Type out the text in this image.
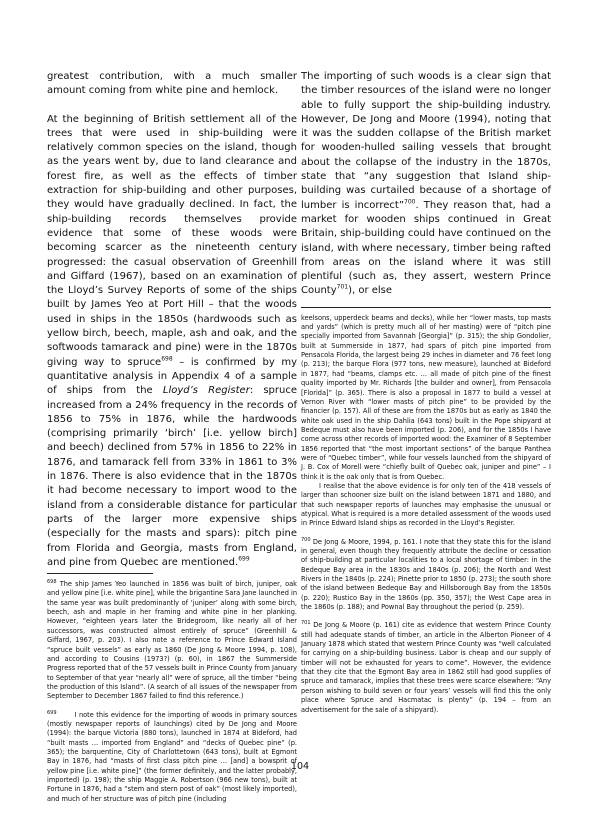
greatest contribution, with a much smaller amount coming from white pine and hemlock.

At the beginning of British settlement all of the trees that were used in ship-building were relatively common species on the island, though as the years went by, due to land clearance and forest fire, as well as the effects of timber extraction for ship-building and other purposes, they would have gradually declined. In fact, the ship-building records themselves provide evidence that some of these woods were becoming scarcer as the nineteenth century progressed: the casual observation of Greenhill and Giffard (1967), based on an examination of the Lloyd’s Survey Reports of some of the ships built by James Yeo at Port Hill – that the woods used in ships in the 1850s (hardwoods such as yellow birch, beech, maple, ash and oak, and the softwoods tamarack and pine) were in the 1870s giving way to spruce$^{698}$ – is confirmed by my quantitative analysis in Appendix 4 of a sample of ships from the Lloyd’s Register: spruce increased from a 24% frequency in the records of 1856 to 75% in 1876, while the hardwoods (comprising primarily ‘birch’ [i.e. yellow birch] and beech) declined from 57% in 1856 to 22% in 1876, and tamarack fell from 33% in 1861 to 3% in 1876. There is also evidence that in the 1870s it had become necessary to import wood to the island from a considerable distance for particular parts of the larger more expensive ships (especially for the masts and spars): pitch pine from Florida and Georgia, masts from England, and pine from Quebec are mentioned.$^{699}$

$^{698}$ The ship James Yeo launched in 1856 was built of birch, juniper, oak and yellow pine [i.e. white pine], while the brigantine Sara Jane launched in the same year was built predominantly of ‘juniper’ along with some birch, beech, ash and maple in her framing and white pine in her planking. However, “eighteen years later the Bridegroom, like nearly all of her successors, was constructed almost entirely of spruce” (Greenhill & Giffard, 1967, p. 203). I also note a reference to Prince Edward Island “spruce built vessels” as early as 1860 (De Jong & Moore 1994, p. 108), and according to Cousins (1973?) (p. 60), in 1867 the Summerside Progress reported that of the 57 vessels built in Prince County from January to September of that year “nearly all” were of spruce, all the timber “being the production of this Island”. (A search of all issues of the newspaper from September to December 1867 failed to find this reference.)

$^{699}$	I note this evidence for the importing of woods in primary sources (mostly newspaper reports of launchings) cited by De Jong and Moore (1994): the barque Victoria (880 tons), launched in 1874 at Bideford, had “built masts … imported from England” and “decks of Quebec pine” (p. 365); the barquentine, City of Charlottetown (643 tons), built at Egmont Bay in 1876, had “masts of first class pitch pine … [and] a bowsprit of yellow pine [i.e. white pine]” (the former definitely, and the latter probably, imported) (p. 198); the ship Maggie A. Robertson (966 new tons), built at Fortune in 1876, had a “stem and stern post of oak” (most likely imported), and much of her structure was of pitch pine (including

The importing of such woods is a clear sign that the timber resources of the island were no longer able to fully support the ship-building industry. However, De Jong and Moore (1994), noting that it was the sudden collapse of the British market for wooden-hulled sailing vessels that brought about the collapse of the industry in the 1870s, state that “any suggestion that Island ship-building was curtailed because of a shortage of lumber is incorrect”$^{700}$. They reason that, had a market for wooden ships continued in Great Britain, ship-building could have continued on the island, with where necessary, timber being rafted from areas on the island where it was still plentiful (such as, they assert, western Prince County$^{701}$), or else

keelsons, upperdeck beams and decks), while her “lower masts, top masts and yards” (which is pretty much all of her masting) were of “pitch pine specially imported from Savannah [Georgia]” (p. 315); the ship Gondolier, built at Summerside in 1877, had spars of pitch pine imported from Pensacola Florida, the largest being 29 inches in diameter and 76 feet long (p. 213); the barque Flora (977 tons, new measure), launched at Bideford in 1877, had “beams, clamps etc. … all made of pitch pine of the finest quality imported by Mr. Richards [the builder and owner], from Pensacola [Florida]” (p. 365). There is also a proposal in 1877 to build a vessel at Vernon River with “lower masts of pitch pine” to be provided by the financier (p. 157). All of these are from the 1870s but as early as 1840 the white oak used in the ship Dahlia (643 tons) built in the Pope shipyard at Bedeque must also have been imported (p. 206), and for the 1850s I have come across other records of imported wood: the Examiner of 8 September 1856 reported that “the most important sections” of the barque Panthea were of “Quebec timber”, while four vessels launched from the shipyard of J. B. Cox of Morell were “chiefly built of Quebec oak, juniper and pine” – I think it is the oak only that is from Quebec.

I realise that the above evidence is for only ten of the 418 vessels of larger than schooner size built on the island between 1871 and 1880, and that such newspaper reports of launches may emphasise the unusual or atypical. What is required is a more detailed assessment of the woods used in Prince Edward Island ships as recorded in the Lloyd’s Register.

$^{700}$ De Jong & Moore, 1994, p. 161. I note that they state this for the island in general, even though they frequently attribute the decline or cessation of ship-building at particular localities to a local shortage of timber: in the Bedeque Bay area in the 1830s and 1840s (p. 206); the North and West Rivers in the 1840s (p. 224); Pinette prior to 1850 (p. 273); the south shore of the island between Bedeque Bay and Hillsborough Bay from the 1850s (p. 220); Rustico Bay in the 1860s (pp. 350, 357); the West Cape area in the 1860s (p. 188); and Pownal Bay throughout the period (p. 259).

$^{701}$ De Jong & Moore (p. 161) cite as evidence that western Prince County still had adequate stands of timber, an article in the Alberton Pioneer of 4 January 1878 which stated that western Prince County was “well calculated for carrying on a ship-building business. Labor is cheap and our supply of timber will not be exhausted for years to come”. However, the evidence that they cite that the Egmont Bay area in 1862 still had good supplies of spruce and tamarack, implies that these trees were scarce elsewhere: “Any person wishing to build seven or four years’ vessels will find this the only place where Spruce and Hacmatac is plenty” (p. 194 – from an advertisement for the sale of a shipyard).

104
